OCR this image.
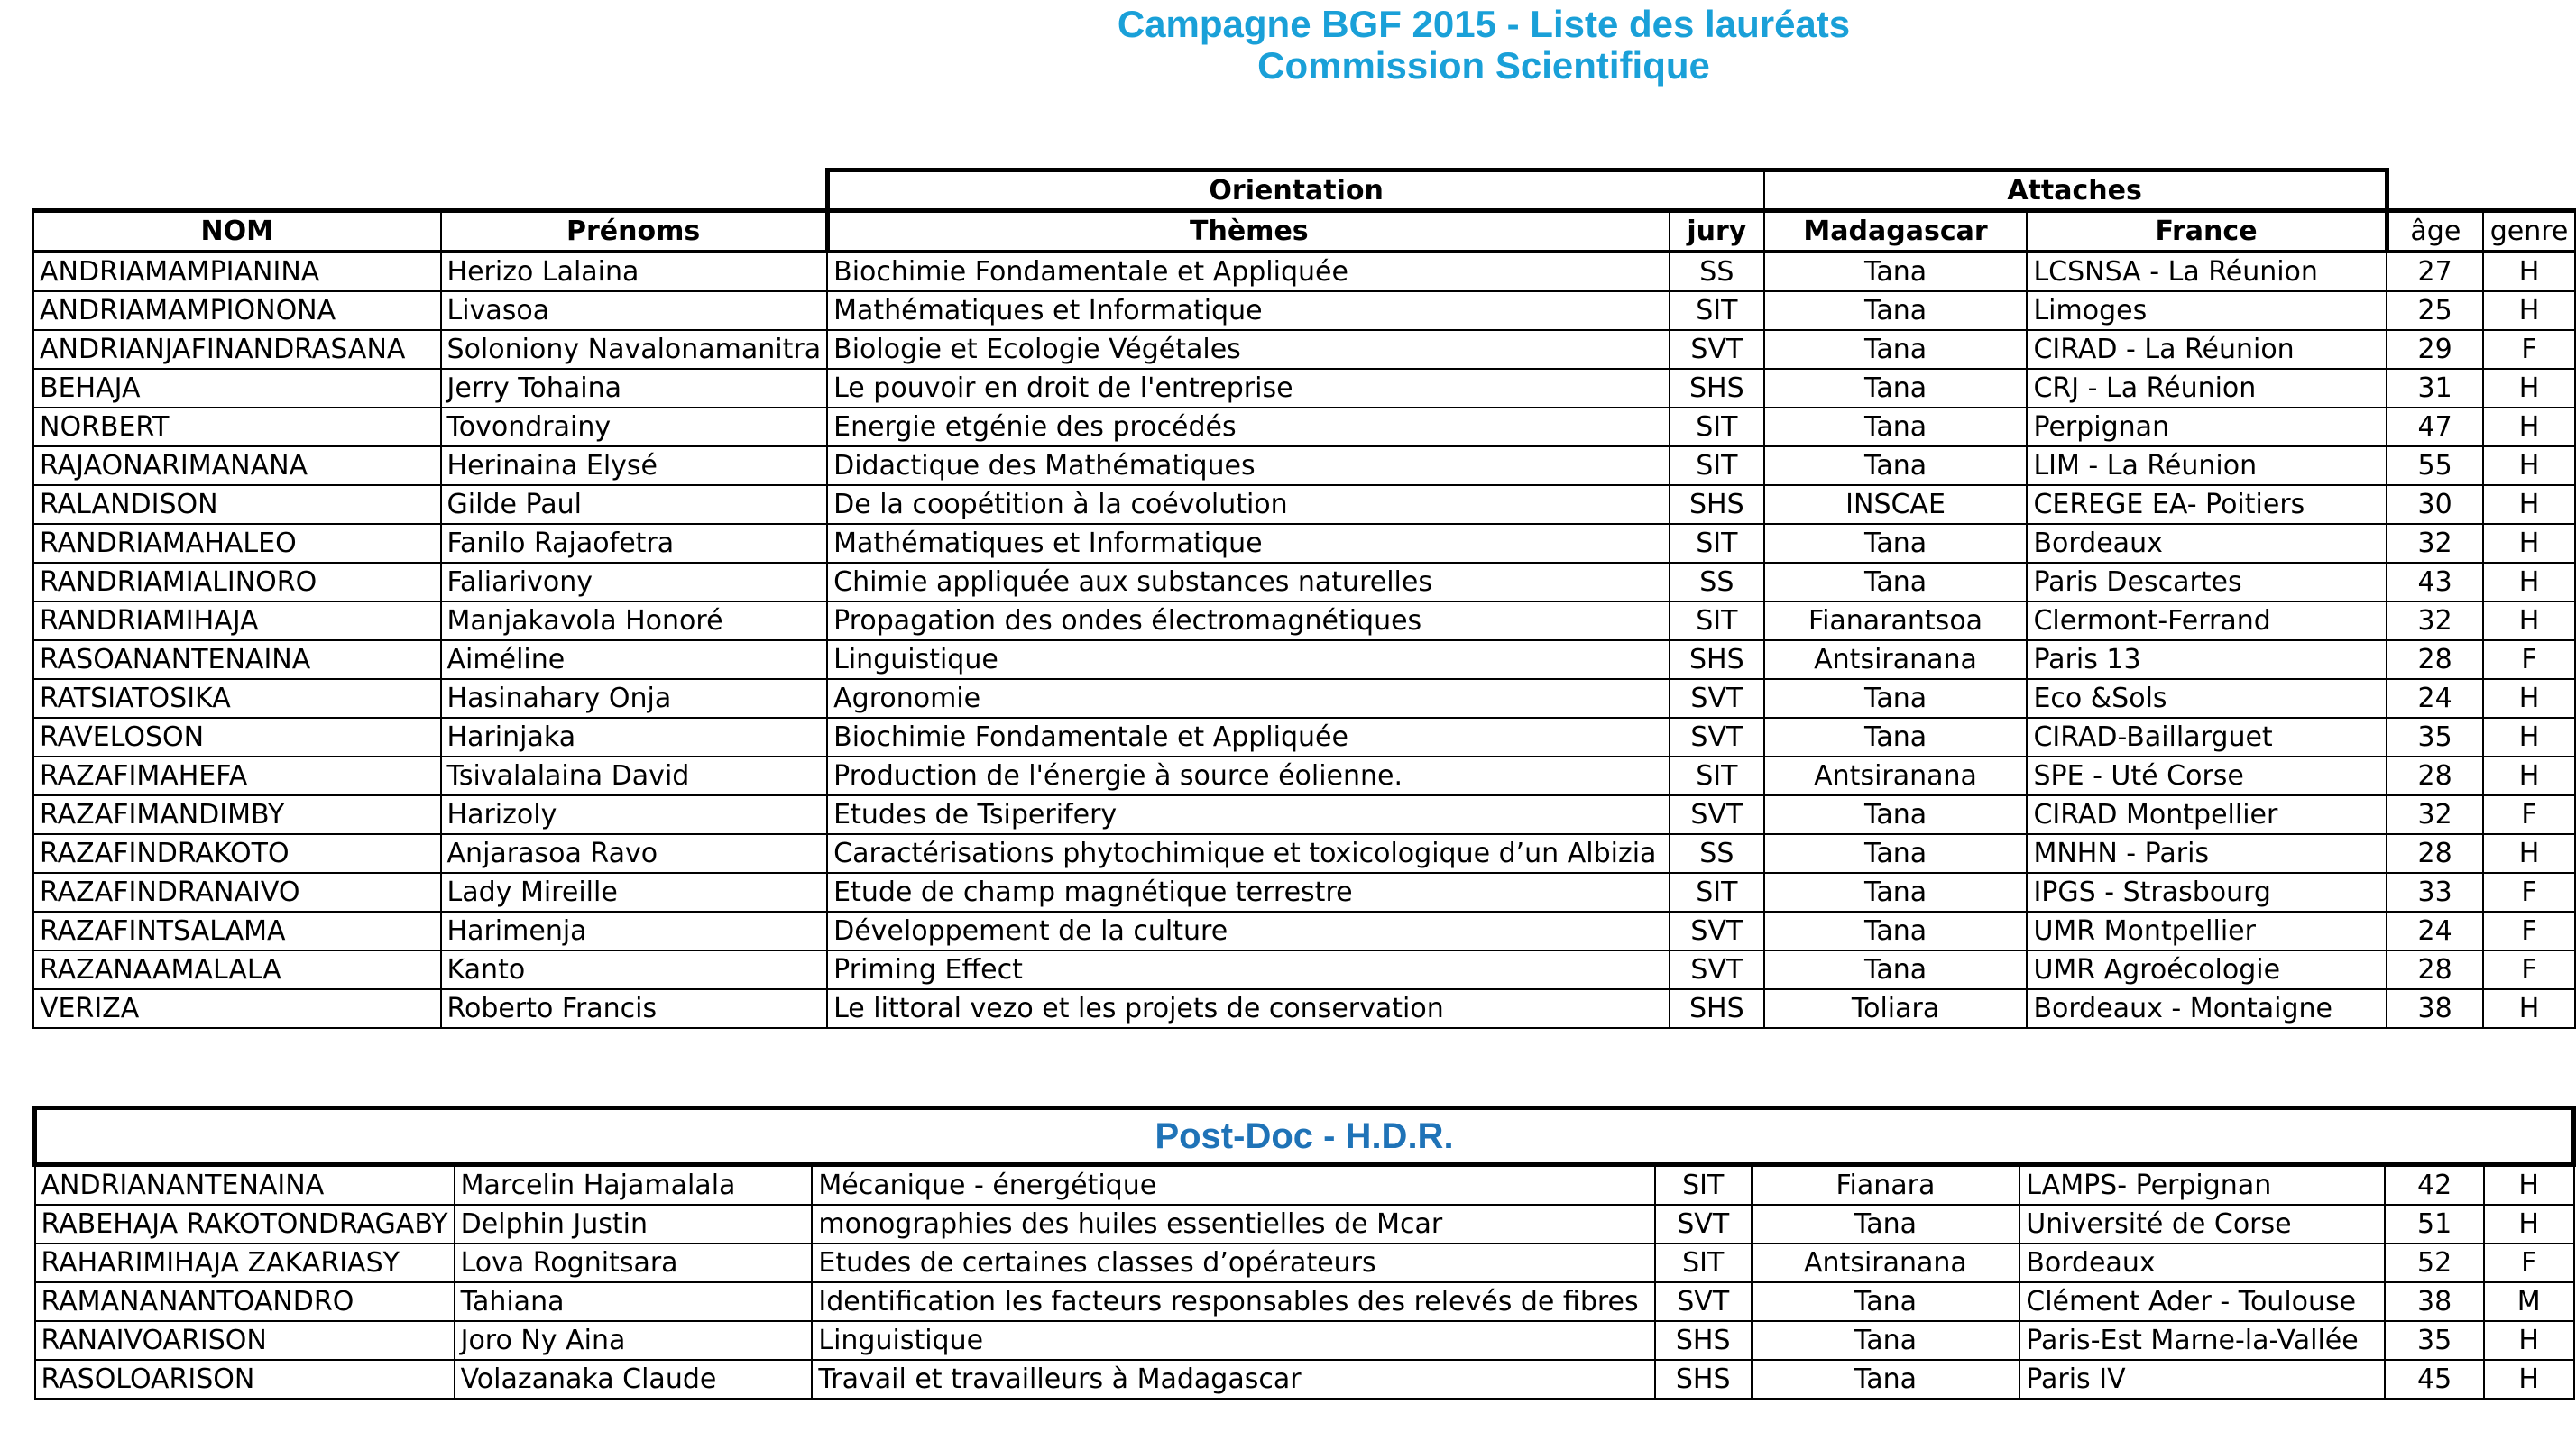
Campagne BGF 2015 - Liste des lauréats
Commission Scientifique
		Orientation		Attaches			
NOM	Prénoms	Thèmes	jury	Madagascar	France	âge	genre
ANDRIAMAMPIANINA	Herizo Lalaina	Biochimie Fondamentale et Appliquée	SS	Tana	LCSNSA - La Réunion	27	H
ANDRIAMAMPIONONA	Livasoa	Mathématiques et Informatique	SIT	Tana	Limoges	25	H
ANDRIANJAFINANDRASANA	Soloniony Navalonamanitra	Biologie et Ecologie Végétales	SVT	Tana	CIRAD - La Réunion	29	F
BEHAJA	Jerry Tohaina	Le pouvoir en droit de l'entreprise	SHS	Tana	CRJ - La Réunion	31	H
NORBERT	Tovondrainy	Energie etgénie des procédés	SIT	Tana	Perpignan	47	H
RAJAONARIMANANA	Herinaina Elysé	Didactique des Mathématiques	SIT	Tana	LIM - La Réunion	55	H
RALANDISON	Gilde Paul	De la coopétition à la coévolution	SHS	INSCAE	CEREGE EA- Poitiers	30	H
RANDRIAMAHALEO	Fanilo Rajaofetra	Mathématiques et Informatique	SIT	Tana	Bordeaux	32	H
RANDRIAMIALINORO	Faliarivony	Chimie appliquée aux substances naturelles	SS	Tana	Paris Descartes	43	H
RANDRIAMIHAJA	Manjakavola Honoré	Propagation des ondes électromagnétiques	SIT	Fianarantsoa	Clermont-Ferrand	32	H
RASOANANTENAINA	Aiméline	Linguistique	SHS	Antsiranana	Paris 13	28	F
RATSIATOSIKA	Hasinahary Onja	Agronomie	SVT	Tana	Eco &Sols	24	H
RAVELOSON	Harinjaka	Biochimie Fondamentale et Appliquée	SVT	Tana	CIRAD-Baillarguet	35	H
RAZAFIMAHEFA	Tsivalalaina David	Production de l'énergie à source éolienne.	SIT	Antsiranana	SPE - Uté Corse	28	H
RAZAFIMANDIMBY	Harizoly	Etudes de Tsiperifery	SVT	Tana	CIRAD Montpellier	32	F
RAZAFINDRAKOTO	Anjarasoa Ravo	Caractérisations phytochimique et toxicologique d’un Albizia	SS	Tana	MNHN - Paris	28	H
RAZAFINDRANAIVO	Lady Mireille	Etude de champ magnétique terrestre	SIT	Tana	IPGS - Strasbourg	33	F
RAZAFINTSALAMA	Harimenja	Développement de la culture	SVT	Tana	UMR Montpellier	24	F
RAZANAAMALALA	Kanto	Priming Effect	SVT	Tana	UMR Agroécologie	28	F
VERIZA	Roberto Francis	Le littoral vezo et les projets de conservation	SHS	Toliara	Bordeaux - Montaigne	38	H
Post-Doc - H.D.R.							
ANDRIANANTENAINA	Marcelin Hajamalala	Mécanique - énergétique	SIT	Fianara	LAMPS- Perpignan	42	H
RABEHAJA RAKOTONDRAGABY	Delphin Justin	monographies des huiles essentielles de Mcar	SVT	Tana	Université de Corse	51	H
RAHARIMIHAJA ZAKARIASY	Lova Rognitsara	Etudes de certaines classes d’opérateurs	SIT	Antsiranana	Bordeaux	52	F
RAMANANANTOANDRO	Tahiana	Identification les facteurs responsables des relevés de fibres	SVT	Tana	Clément Ader - Toulouse	38	M
RANAIVOARISON	Joro Ny Aina	Linguistique	SHS	Tana	Paris-Est Marne-la-Vallée	35	H
RASOLOARISON	Volazanaka Claude	Travail et travailleurs à Madagascar	SHS	Tana	Paris IV	45	H
